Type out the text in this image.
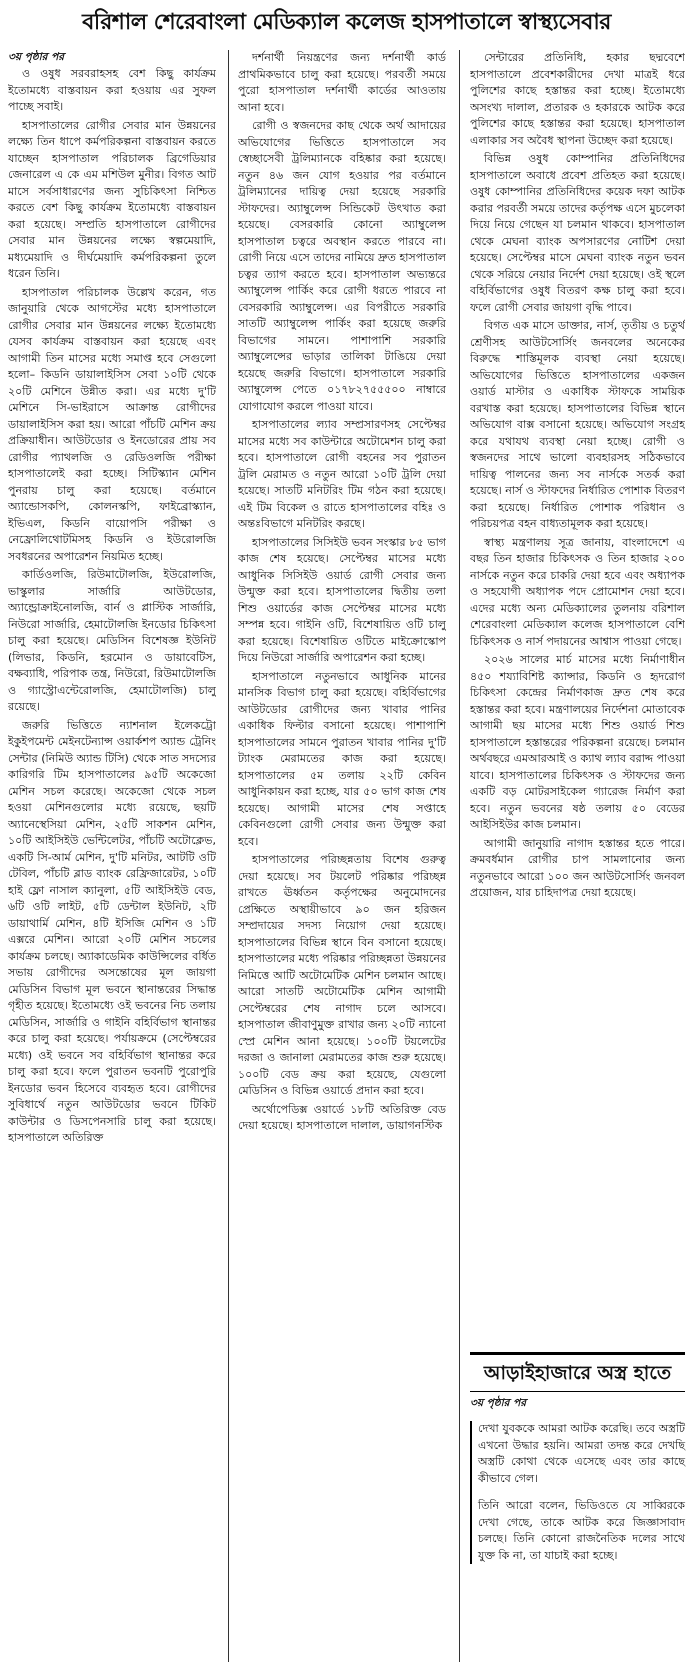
বরিশাল শেরেবাংলা মেডিক্যাল কলেজ হাসপাতালে স্বাস্থ্যসেবার
৩য় পৃষ্ঠার পর

ও ওষুধ সরবরাহসহ বেশ কিছু কার্যক্রম ইতোমধ্যে বাস্তবায়ন করা হওয়ায় এর সুফল পাচ্ছে সবাই।

হাসপাতালের রোগীর সেবার মান উন্নয়নের লক্ষ্যে তিন ধাপে কর্মপরিকল্পনা বাস্তবায়ন করতে যাচ্ছেন হাসপাতাল পরিচালক ব্রিগেডিয়ার জেনারেল এ কে এম মশিউল মুনীর। বিগত আট মাসে সর্বসাধারণের জন্য সুচিকিৎসা নিশ্চিত করতে বেশ কিছু কার্যক্রম ইতোমধ্যে বাস্তবায়ন করা হয়েছে। সম্প্রতি হাসপাতালে রোগীদের সেবার মান উন্নয়নের লক্ষ্যে স্বল্পমেয়াদি, মধ্যমেয়াদি ও দীর্ঘমেয়াদি কর্মপরিকল্পনা তুলে ধরেন তিনি।

হাসপাতাল পরিচালক উল্লেখ করেন, গত জানুয়ারি থেকে আগস্টের মধ্যে হাসপাতালে রোগীর সেবার মান উন্নয়নের লক্ষ্যে ইতোমধ্যে যেসব কার্যক্রম বাস্তবায়ন করা হয়েছে এবং আগামী তিন মাসের মধ্যে সমাপ্ত হবে সেগুলো হলো– কিডনি ডায়ালাইসিস সেবা ১০টি থেকে ২০টি মেশিনে উন্নীত করা। এর মধ্যে দু'টি মেশিনে সি-ভাইরাসে আক্রান্ত রোগীদের ডায়ালাইসিস করা হয়। আরো পাঁচটি মেশিন ক্রয় প্রক্রিয়াধীন। আউটডোর ও ইনডোরের প্রায় সব রোগীর প্যাথলজি ও রেডিওলজি পরীক্ষা হাসপাতালেই করা হচ্ছে। সিটিস্ক্যান মেশিন পুনরায় চালু করা হয়েছে। বর্তমানে অ্যান্ডোসকপি, কোলনস্কপি, ফাইব্রোস্ক্যান, ইভিএল, কিডনি বায়োপসি পরীক্ষা ও নেফ্রোলিথোটমিসহ কিডনি ও ইউরোলজি সবধরনের অপারেশন নিয়মিত হচ্ছে।

কার্ডিওলজি, রিউমাটোলজি, ইউরোলজি, ভাস্কুলার সার্জারি আউটডোর, অ্যান্ড্রোক্রাইনোলজি, বার্ন ও প্লাস্টিক সার্জারি, নিউরো সার্জারি, হেমাটোলজি ইনডোর চিকিৎসা চালু করা হয়েছে। মেডিসিন বিশেষজ্ঞ ইউনিট (লিভার, কিডনি, হরমোন ও ডায়াবেটিস, বক্ষব্যাধি, পরিপাক তন্ত্র, নিউরো, রিউমাটোলজি ও গ্যাস্ট্রোএন্টেরোলজি, হেমাটোলজি) চালু রয়েছে।

জরুরি ভিত্তিতে ন্যাশনাল ইলেকট্রো ইকুইপমেন্ট মেইনটেন্যান্স ওয়ার্কশপ অ্যান্ড ট্রেনিং সেন্টার (নিমিউ অ্যান্ড টিসি) থেকে সাত সদস্যের কারিগরি টিম হাসপাতালের ৯৫টি অকেজো মেশিন সচল করেছে। অকেজো থেকে সচল হওয়া মেশিনগুলোর মধ্যে রয়েছে, ছয়টি অ্যানেস্থেসিয়া মেশিন, ২৫টি সাকশন মেশিন, ১০টি আইসিইউ ভেন্টিলেটর, পাঁচটি অটোক্লেভ, একটি সি-আর্ম মেশিন, দু'টি মনিটর, আটটি ওটি টেবিল, পাঁচটি ব্লাড ব্যাংক রেফ্রিজারেটর, ১০টি হাই ফ্লো নাসাল ক্যানুলা, ৫টি আইসিইউ বেড, ৬টি ওটি লাইট, ৫টি ডেন্টাল ইউনিট, ২টি ডায়াথার্মি মেশিন, ৪টি ইসিজি মেশিন ও ১টি এক্সরে মেশিন। আরো ২০টি মেশিন সচলের কার্যক্রম চলছে। অ্যাকাডেমিক কাউন্সিলের বর্ধিত সভায় রোগীদের অসন্তোষের মূল জায়গা মেডিসিন বিভাগ মূল ভবনে স্থানান্তরের সিদ্ধান্ত গৃহীত হয়েছে। ইতোমধ্যে ওই ভবনের নিচ তলায় মেডিসিন, সার্জারি ও গাইনি বহির্বিভাগ স্থানান্তর করে চালু করা হয়েছে। পর্যায়ক্রমে (সেপ্টেম্বরের মধ্যে) ওই ভবনে সব বহির্বিভাগ স্থানান্তর করে চালু করা হবে। ফলে পুরাতন ভবনটি পুরোপুরি ইনডোর ভবন হিসেবে ব্যবহৃত হবে। রোগীদের সুবিধার্থে নতুন আউটডোর ভবনে টিকিট কাউন্টার ও ডিসপেনসারি চালু করা হয়েছে। হাসপাতালে অতিরিক্ত

দর্শনার্থী নিয়ন্ত্রণের জন্য দর্শনার্থী কার্ড প্রাথমিকভাবে চালু করা হয়েছে। পরবর্তী সময়ে পুরো হাসপাতাল দর্শনার্থী কার্ডের আওতায় আনা হবে।

রোগী ও স্বজনদের কাছ থেকে অর্থ আদায়ের অভিযোগের ভিত্তিতে হাসপাতালে সব স্বেচ্ছাসেবী ট্রলিম্যানকে বহিষ্কার করা হয়েছে। নতুন ৪৬ জন যোগ হওয়ার পর বর্তমানে ট্রলিম্যানের দায়িত্ব দেয়া হয়েছে সরকারি স্টাফদের। অ্যাম্বুলেন্স সিন্ডিকেট উৎখাত করা হয়েছে। বেসরকারি কোনো অ্যাম্বুলেন্স হাসপাতাল চত্বরে অবস্থান করতে পারবে না। রোগী নিয়ে এসে তাদের নামিয়ে দ্রুত হাসপাতাল চত্বর ত্যাগ করতে হবে। হাসপাতাল অভ্যন্তরে অ্যাম্বুলেন্স পার্কিং করে রোগী ধরতে পারবে না বেসরকারি অ্যাম্বুলেন্স। এর বিপরীতে সরকারি সাতটি অ্যাম্বুলেন্স পার্কিং করা হয়েছে জরুরি বিভাগের সামনে। পাশাপাশি সরকারি অ্যাম্বুলেন্সের ভাড়ার তালিকা টাঙিয়ে দেয়া হয়েছে জরুরি বিভাগে। হাসপাতালে সরকারি অ্যাম্বুলেন্স পেতে ০১৭৮২৭৫৫৫০০ নাম্বারে যোগাযোগ করলে পাওয়া যাবে।

হাসপাতালের ল্যাব সম্প্রসারণসহ সেপ্টেম্বর মাসের মধ্যে সব কাউন্টারে অটোমেশন চালু করা হবে। হাসপাতালে রোগী বহনের সব পুরাতন ট্রলি মেরামত ও নতুন আরো ১০টি ট্রলি দেয়া হয়েছে। সাতটি মনিটরিং টিম গঠন করা হয়েছে। এই টিম বিকেল ও রাতে হাসপাতালের বহিঃ ও অন্তঃবিভাগে মনিটরিং করছে।

হাসপাতালের সিসিইউ ভবন সংস্কার ৮৫ ভাগ কাজ শেষ হয়েছে। সেপ্টেম্বর মাসের মধ্যে আধুনিক সিসিইউ ওয়ার্ড রোগী সেবার জন্য উন্মুক্ত করা হবে। হাসপাতালের দ্বিতীয় তলা শিশু ওয়ার্ডের কাজ সেপ্টেম্বর মাসের মধ্যে সম্পন্ন হবে। গাইনি ওটি, বিশেষায়িত ওটি চালু করা হয়েছে। বিশেষায়িত ওটিতে মাইক্রোস্কোপ দিয়ে নিউরো সার্জারি অপারেশন করা হচ্ছে।

হাসপাতালে নতুনভাবে আধুনিক মানের মানসিক বিভাগ চালু করা হয়েছে। বহির্বিভাগের আউটডোর রোগীদের জন্য খাবার পানির একাধিক ফিল্টার বসানো হয়েছে। পাশাপাশি হাসপাতালের সামনে পুরাতন খাবার পানির দু'টি ট্যাংক মেরামতের কাজ করা হয়েছে। হাসপাতালের ৫ম তলায় ২২টি কেবিন আধুনিকায়ন করা হচ্ছে, যার ৫০ ভাগ কাজ শেষ হয়েছে। আগামী মাসের শেষ সপ্তাহে কেবিনগুলো রোগী সেবার জন্য উন্মুক্ত করা হবে।

হাসপাতালের পরিচ্ছন্নতায় বিশেষ গুরুত্ব দেয়া হয়েছে। সব টয়লেট পরিষ্কার পরিচ্ছন্ন রাখতে ঊর্ধ্বতন কর্তৃপক্ষের অনুমোদনের প্রেক্ষিতে অস্থায়ীভাবে ৯০ জন হরিজন সম্প্রদায়ের সদস্য নিয়োগ দেয়া হয়েছে। হাসপাতালের বিভিন্ন স্থানে বিন বসানো হয়েছে। হাসপাতালের মধ্যে পরিষ্কার পরিচ্ছন্নতা উন্নয়নের নিমিত্তে আটি অটোমেটিক মেশিন চলমান আছে। আরো সাতটি অটোমেটিক মেশিন আগামী সেপ্টেম্বরের শেষ নাগাদ চলে আসবে। হাসপাতাল জীবাণুমুক্ত রাখার জন্য ২০টি ন্যানো স্প্রে মেশিন আনা হয়েছে। ১০০টি টয়লেটের দরজা ও জানালা মেরামতের কাজ শুরু হয়েছে। ১০০টি বেড ক্রয় করা হয়েছে, যেগুলো মেডিসিন ও বিভিন্ন ওয়ার্ডে প্রদান করা হবে।

অর্থোপেডিক্স ওয়ার্ডে ১৮টি অতিরিক্ত বেড দেয়া হয়েছে। হাসপাতালে দালাল, ডায়াগনস্টিক

সেন্টারের প্রতিনিধি, হকার ছদ্মবেশে হাসপাতালে প্রবেশকারীদের দেখা মাত্রই ধরে পুলিশের কাছে হস্তান্তর করা হচ্ছে। ইতোমধ্যে অসংখ্য দালাল, প্রতারক ও হকারকে আটক করে পুলিশের কাছে হস্তান্তর করা হয়েছে। হাসপাতাল এলাকার সব অবৈধ স্থাপনা উচ্ছেদ করা হয়েছে।

বিভিন্ন ওষুধ কোম্পানির প্রতিনিধিদের হাসপাতালে অবাধে প্রবেশ প্রতিহত করা হয়েছে। ওষুধ কোম্পানির প্রতিনিধিদের কয়েক দফা আটক করার পরবর্তী সময়ে তাদের কর্তৃপক্ষ এসে মুচলেকা দিয়ে নিয়ে গেছেন যা চলমান থাকবে। হাসপাতাল থেকে মেঘনা ব্যাংক অপসারণের নোটিশ দেয়া হয়েছে। সেপ্টেম্বর মাসে মেঘনা ব্যাংক নতুন ভবন থেকে সরিয়ে নেয়ার নির্দেশ দেয়া হয়েছে। ওই স্থলে বহির্বিভাগের ওষুধ বিতরণ কক্ষ চালু করা হবে। ফলে রোগী সেবার জায়গা বৃদ্ধি পাবে।

বিগত এক মাসে ডাক্তার, নার্স, তৃতীয় ও চতুর্থ শ্রেণীসহ আউটসোর্সিং জনবলের অনেকের বিরুদ্ধে শাস্তিমূলক ব্যবস্থা নেয়া হয়েছে। অভিযোগের ভিত্তিতে হাসপাতালের একজন ওয়ার্ড মাস্টার ও একাধিক স্টাফকে সাময়িক বরখাস্ত করা হয়েছে। হাসপাতালের বিভিন্ন স্থানে অভিযোগ বাক্স বসানো হয়েছে। অভিযোগ সংগ্রহ করে যথাযথ ব্যবস্থা নেয়া হচ্ছে। রোগী ও স্বজনদের সাথে ভালো ব্যবহারসহ সঠিকভাবে দায়িত্ব পালনের জন্য সব নার্সকে সতর্ক করা হয়েছে। নার্স ও স্টাফদের নির্ধারিত পোশাক বিতরণ করা হয়েছে। নির্ধারিত পোশাক পরিধান ও পরিচয়পত্র বহন বাধ্যতামূলক করা হয়েছে।

স্বাস্থ্য মন্ত্রণালয় সূত্র জানায়, বাংলাদেশে এ বছর তিন হাজার চিকিৎসক ও তিন হাজার ২০০ নার্সকে নতুন করে চাকরি দেয়া হবে এবং অধ্যাপক ও সহযোগী অধ্যাপক পদে প্রোমোশন দেয়া হবে। এদের মধ্যে অন্য মেডিক্যালের তুলনায় বরিশাল শেরেবাংলা মেডিক্যাল কলেজ হাসপাতালে বেশি চিকিৎসক ও নার্স পদায়নের আশ্বাস পাওয়া গেছে।

২০২৬ সালের মার্চ মাসের মধ্যে নির্মাণাধীন ৪৫০ শয্যাবিশিষ্ট ক্যান্সার, কিডনি ও হৃদরোগ চিকিৎসা কেন্দ্রের নির্মাণকাজ দ্রুত শেষ করে হস্তান্তর করা হবে। মন্ত্রণালয়ের নির্দেশনা মোতাবেক আগামী ছয় মাসের মধ্যে শিশু ওয়ার্ড শিশু হাসপাতালে হস্তান্তরের পরিকল্পনা রয়েছে। চলমান অর্থবছরে এমআরআই ও ক্যাথ ল্যাব বরাদ্দ পাওয়া যাবে। হাসপাতালের চিকিৎসক ও স্টাফদের জন্য একটি বড় মোটরসাইকেল গ্যারেজ নির্মাণ করা হবে। নতুন ভবনের ষষ্ঠ তলায় ৫০ বেডের আইসিইউর কাজ চলমান।

আগামী জানুয়ারি নাগাদ হস্তান্তর হতে পারে। ক্রমবর্ধমান রোগীর চাপ সামলানোর জন্য নতুনভাবে আরো ১০০ জন আউটসোর্সিং জনবল প্রয়োজন, যার চাহিদাপত্র দেয়া হয়েছে।

আড়াইহাজারে অস্ত্র হাতে
৩য় পৃষ্ঠার পর

দেখা যুবককে আমরা আটক করেছি। তবে অস্ত্রটি এখনো উদ্ধার হয়নি। আমরা তদন্ত করে দেখছি অস্ত্রটি কোথা থেকে এসেছে এবং তার কাছে কীভাবে গেল।

তিনি আরো বলেন, ভিডিওতে যে সাব্বিরকে দেখা গেছে, তাকে আটক করে জিজ্ঞাসাবাদ চলছে। তিনি কোনো রাজনৈতিক দলের সাথে যুক্ত কি না, তা যাচাই করা হচ্ছে।
